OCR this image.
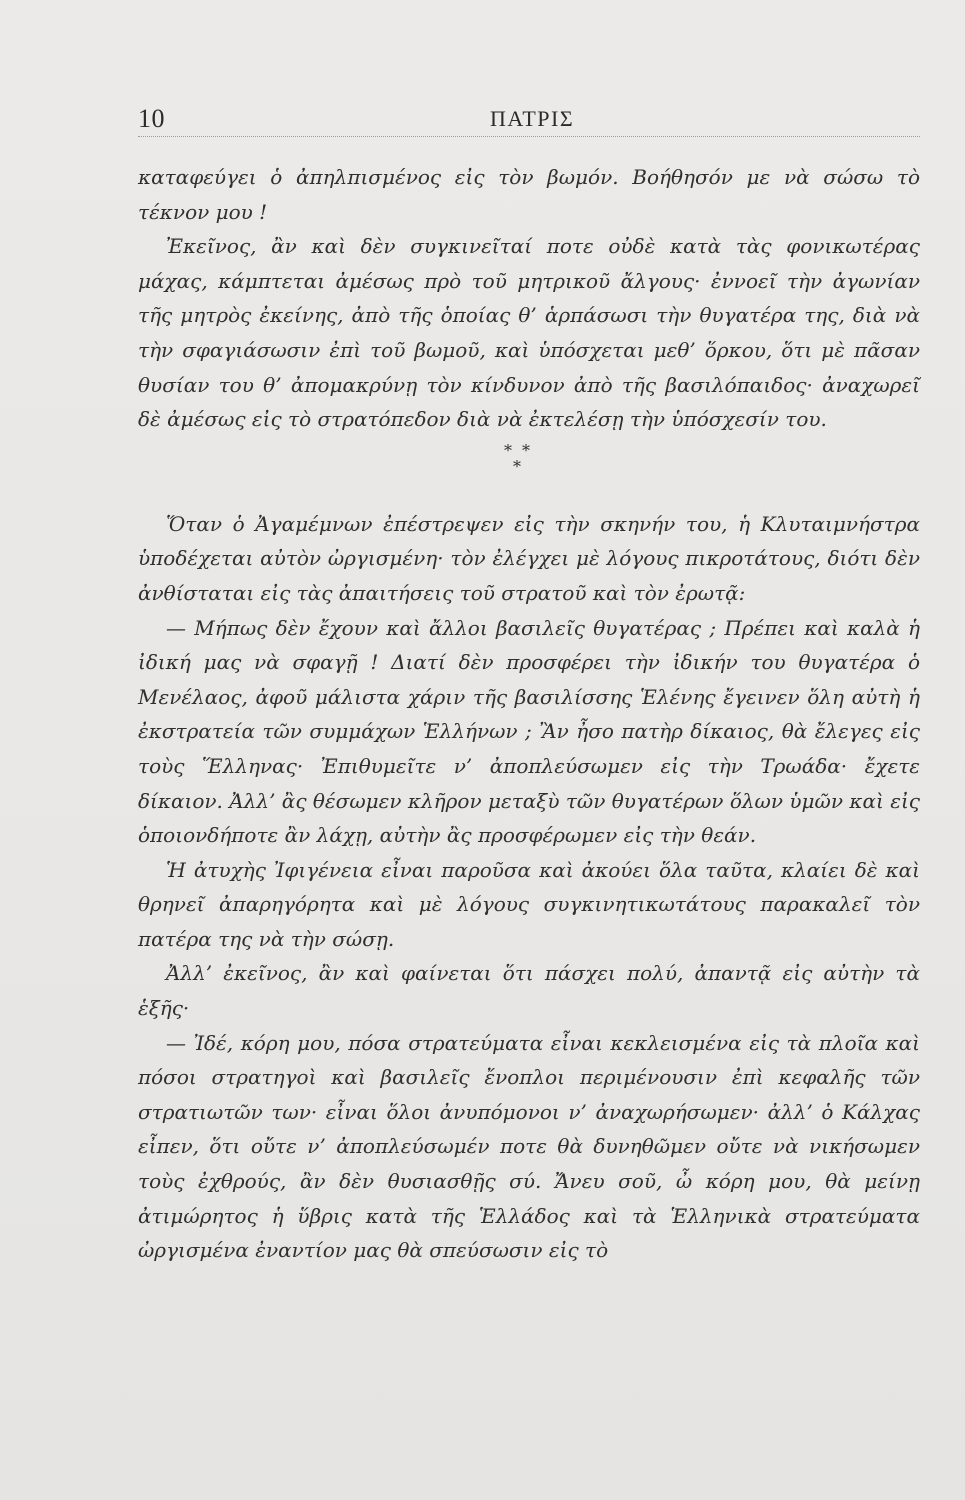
10	ΠΑΤΡΙΣ

καταφεύγει ὁ ἀπηλπισμένος εἰς τὸν βωμόν. Βοήθησόν με νὰ σώσω τὸ τέκνον μου !

Ἐκεῖνος, ἂν καὶ δὲν συγκινεῖταί ποτε οὐδὲ κατὰ τὰς φονικωτέρας μάχας, κάμπτεται ἀμέσως πρὸ τοῦ μητρικοῦ ἄλγους· ἐννοεῖ τὴν ἀγωνίαν τῆς μητρὸς ἐκείνης, ἀπὸ τῆς ὁποίας θ’ ἁρπάσωσι τὴν θυγατέρα της, διὰ νὰ τὴν σφαγιάσωσιν ἐπὶ τοῦ βωμοῦ, καὶ ὑπόσχεται μεθ’ ὅρκου, ὅτι μὲ πᾶσαν θυσίαν του θ’ ἀπομακρύνῃ τὸν κίνδυνον ἀπὸ τῆς βασιλόπαιδος· ἀναχωρεῖ δὲ ἀμέσως εἰς τὸ στρατόπεδον διὰ νὰ ἐκτελέσῃ τὴν ὑπόσχεσίν του.

* *
*

Ὅταν ὁ Ἀγαμέμνων ἐπέστρεψεν εἰς τὴν σκηνήν του, ἡ Κλυταιμνήστρα ὑποδέχεται αὐτὸν ὠργισμένη· τὸν ἐλέγχει μὲ λόγους πικροτάτους, διότι δὲν ἀνθίσταται εἰς τὰς ἀπαιτήσεις τοῦ στρατοῦ καὶ τὸν ἐρωτᾷ:

— Μήπως δὲν ἔχουν καὶ ἄλλοι βασιλεῖς θυγατέρας ; Πρέπει καὶ καλὰ ἡ ἰδική μας νὰ σφαγῇ ! Διατί δὲν προσφέρει τὴν ἰδικήν του θυγατέρα ὁ Μενέλαος, ἀφοῦ μάλιστα χάριν τῆς βασιλίσσης Ἑλένης ἔγεινεν ὅλη αὐτὴ ἡ ἐκστρατεία τῶν συμμάχων Ἑλλήνων ; Ἂν ἦσο πατὴρ δίκαιος, θὰ ἔλεγες εἰς τοὺς Ἕλληνας· Ἐπιθυμεῖτε ν’ ἀποπλεύσωμεν εἰς τὴν Τρωάδα· ἔχετε δίκαιον. Ἀλλ’ ἂς θέσωμεν κλῆρον μεταξὺ τῶν θυγατέρων ὅλων ὑμῶν καὶ εἰς ὁποιονδήποτε ἂν λάχῃ, αὐτὴν ἂς προσφέρωμεν εἰς τὴν θεάν.

Ἡ ἀτυχὴς Ἰφιγένεια εἶναι παροῦσα καὶ ἀκούει ὅλα ταῦτα, κλαίει δὲ καὶ θρηνεῖ ἀπαρηγόρητα καὶ μὲ λόγους συγκινητικωτάτους παρακαλεῖ τὸν πατέρα της νὰ τὴν σώσῃ.

Ἀλλ’ ἐκεῖνος, ἂν καὶ φαίνεται ὅτι πάσχει πολύ, ἀπαντᾷ εἰς αὐτὴν τὰ ἑξῆς·

— Ἰδέ, κόρη μου, πόσα στρατεύματα εἶναι κεκλεισμένα εἰς τὰ πλοῖα καὶ πόσοι στρατηγοὶ καὶ βασιλεῖς ἔνοπλοι περιμένουσιν ἐπὶ κεφαλῆς τῶν στρατιωτῶν των· εἶναι ὅλοι ἀνυπόμονοι ν’ ἀναχωρήσωμεν· ἀλλ’ ὁ Κάλχας εἶπεν, ὅτι οὔτε ν’ ἀποπλεύσωμέν ποτε θὰ δυνηθῶμεν οὔτε νὰ νικήσωμεν τοὺς ἐχθρούς, ἂν δὲν θυσιασθῇς σύ. Ἄνευ σοῦ, ὦ κόρη μου, θὰ μείνῃ ἀτιμώρητος ἡ ὕβρις κατὰ τῆς Ἑλλάδος καὶ τὰ Ἑλληνικὰ στρατεύματα ὠργισμένα ἐναντίον μας θὰ σπεύσωσιν εἰς τὸ
